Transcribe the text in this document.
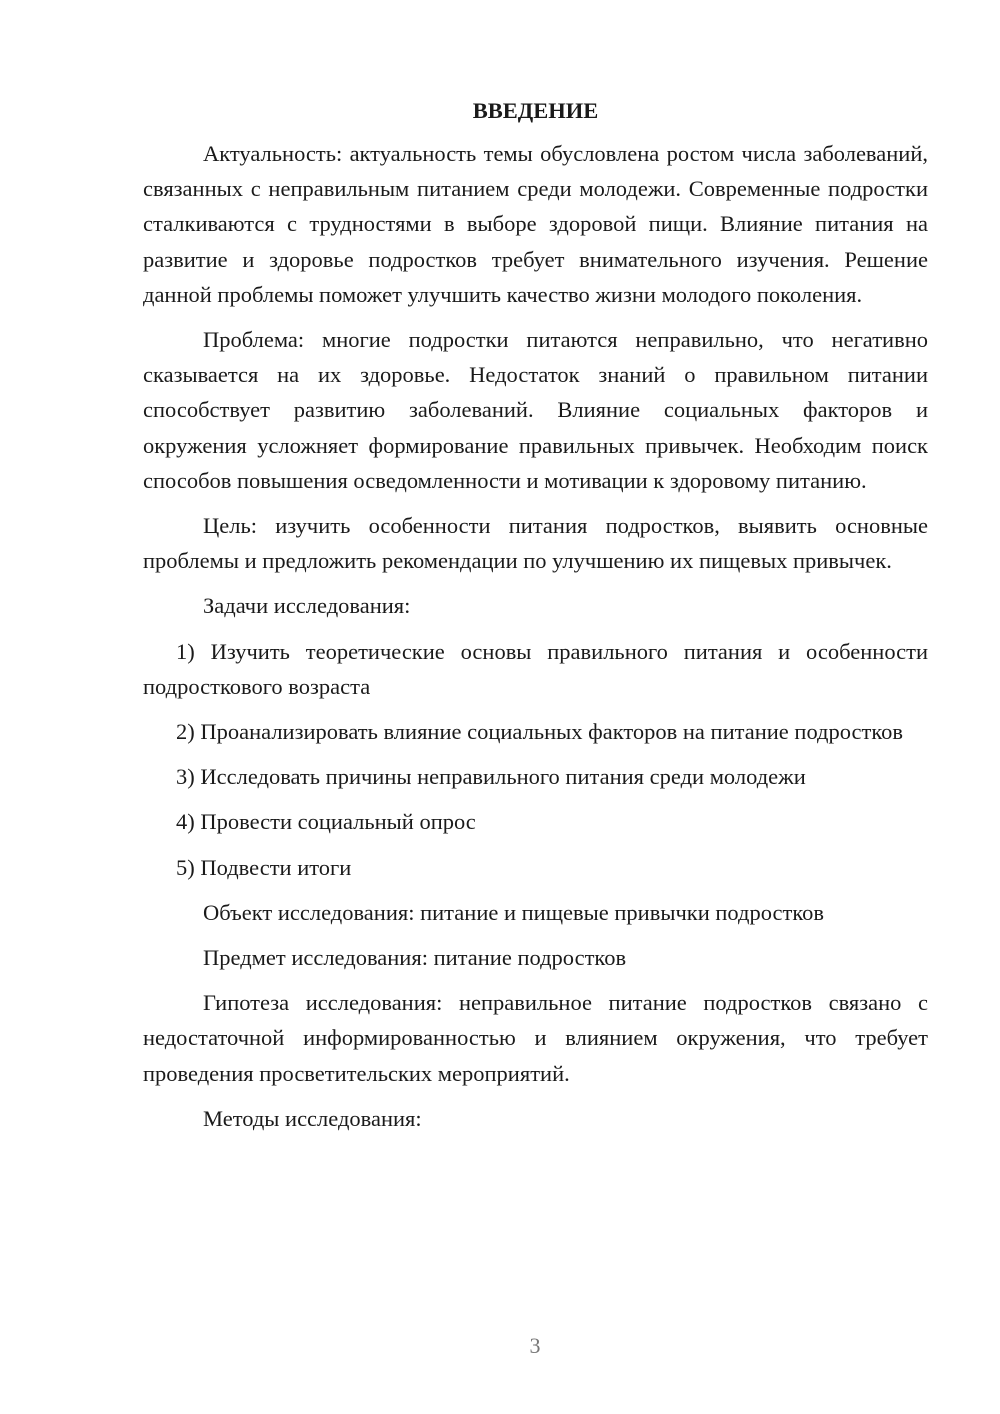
ВВЕДЕНИЕ

Актуальность: актуальность темы обусловлена ростом числа заболеваний, связанных с неправильным питанием среди молодежи. Современные подростки сталкиваются с трудностями в выборе здоровой пищи. Влияние питания на развитие и здоровье подростков требует внимательного изучения. Решение данной проблемы поможет улучшить качество жизни молодого поколения.

Проблема: многие подростки питаются неправильно, что негативно сказывается на их здоровье. Недостаток знаний о правильном питании способствует развитию заболеваний. Влияние социальных факторов и окружения усложняет формирование правильных привычек. Необходим поиск способов повышения осведомленности и мотивации к здоровому питанию.

Цель: изучить особенности питания подростков, выявить основные проблемы и предложить рекомендации по улучшению их пищевых привычек.

Задачи исследования:

1) Изучить теоретические основы правильного питания и особенности подросткового возраста

2) Проанализировать влияние социальных факторов на питание подростков

3) Исследовать причины неправильного питания среди молодежи

4) Провести социальный опрос

5) Подвести итоги

Объект исследования: питание и пищевые привычки подростков

Предмет исследования: питание подростков

Гипотеза исследования: неправильное питание подростков связано с недостаточной информированностью и влиянием окружения, что требует проведения просветительских мероприятий.

Методы исследования:

3
